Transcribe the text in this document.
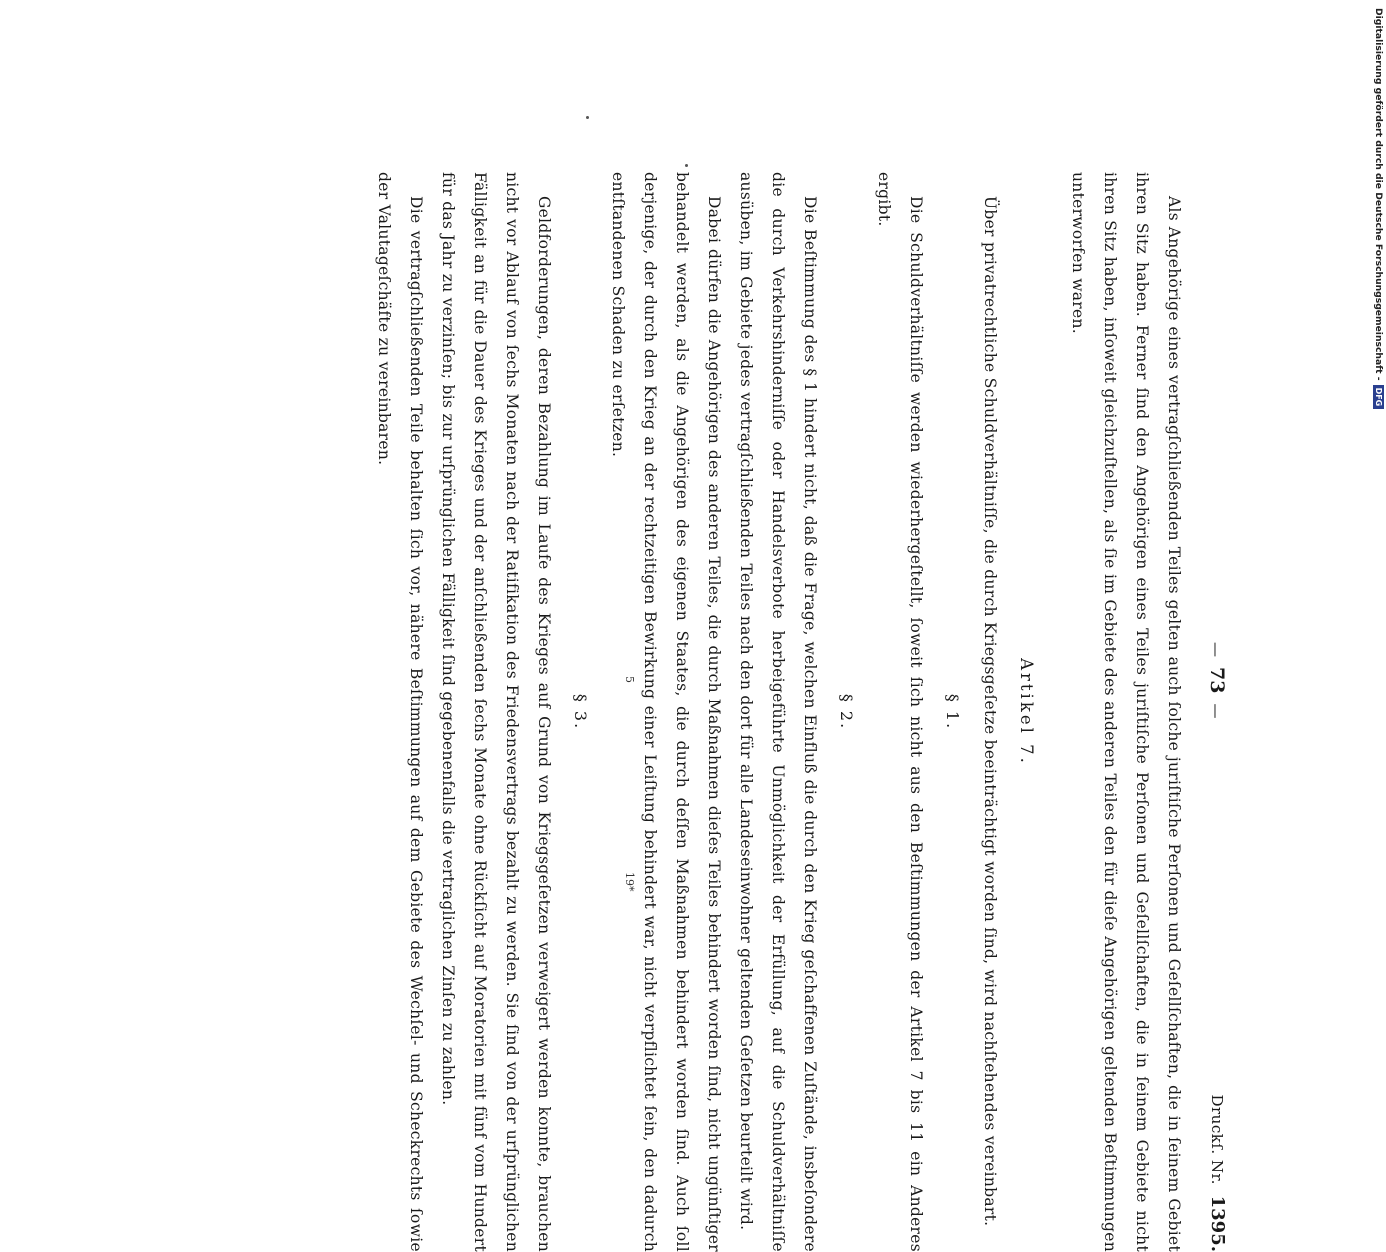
—
73
—
Druckſ. Nr. 1395.

Als Angehörige eines vertragſchließenden Teiles gelten auch ſolche juriſtiſche Perſonen und Geſellſchaften, die in ſeinem Gebiet ihren Sitz haben. Ferner ſind den Angehörigen eines Teiles juriſtiſche Perſonen und Geſellſchaften, die in ſeinem Gebiete nicht ihren Sitz haben, inſoweit gleichzuſtellen, als ſie im Gebiete des anderen Teiles den für dieſe Angehörigen geltenden Beſtimmungen unterworfen waren.

Artikel 7.

Über privatrechtliche Schuldverhältniſſe, die durch Kriegsgeſetze beeinträchtigt worden ſind, wird nachſtehendes vereinbart.

§ 1.

Die Schuldverhältniſſe werden wiederhergeſtellt, ſoweit ſich nicht aus den Beſtimmungen der Artikel 7 bis 11 ein Anderes ergibt.

§ 2.

Die Beſtimmung des § 1 hindert nicht, daß die Frage, welchen Einfluß die durch den Krieg geſchaffenen Zuſtände, insbeſondere die durch Verkehrshinderniſſe oder Handelsverbote herbeigeführte Unmöglichkeit der Erfüllung, auf die Schuldverhältniſſe ausüben, im Gebiete jedes vertragſchließenden Teiles nach den dort für alle Landeseinwohner geltenden Geſetzen beurteilt wird.

Dabei dürfen die Angehörigen des anderen Teiles, die durch Maßnahmen dieſes Teiles behindert worden ſind, nicht ungünſtiger behandelt werden, als die Angehörigen des eigenen Staates, die durch deſſen Maßnahmen behindert worden ſind. Auch ſoll derjenige, der durch den Krieg an der rechtzeitigen Bewirkung einer Leiſtung behindert war, nicht verpflichtet ſein, den dadurch entſtandenen Schaden zu erſetzen.

§ 3.

Geldforderungen, deren Bezahlung im Laufe des Krieges auf Grund von Kriegsgeſetzen verweigert werden konnte, brauchen nicht vor Ablauf von ſechs Monaten nach der Ratifikation des Friedensvertrags bezahlt zu werden. Sie ſind von der urſprünglichen Fälligkeit an für die Dauer des Krieges und der anſchließenden ſechs Monate ohne Rückſicht auf Moratorien mit fünf vom Hundert für das Jahr zu verzinſen; bis zur urſprünglichen Fälligkeit ſind gegebenenfalls die vertraglichen Zinſen zu zahlen.

Die vertragſchließenden Teile behalten ſich vor, nähere Beſtimmungen auf dem Gebiete des Wechſel- und Scheckrechts ſowie der Valutageſchäfte zu vereinbaren.

5
19*
Digitalisierung gefördert durch die Deutsche Forschungsgemeinschaft -
DFG
